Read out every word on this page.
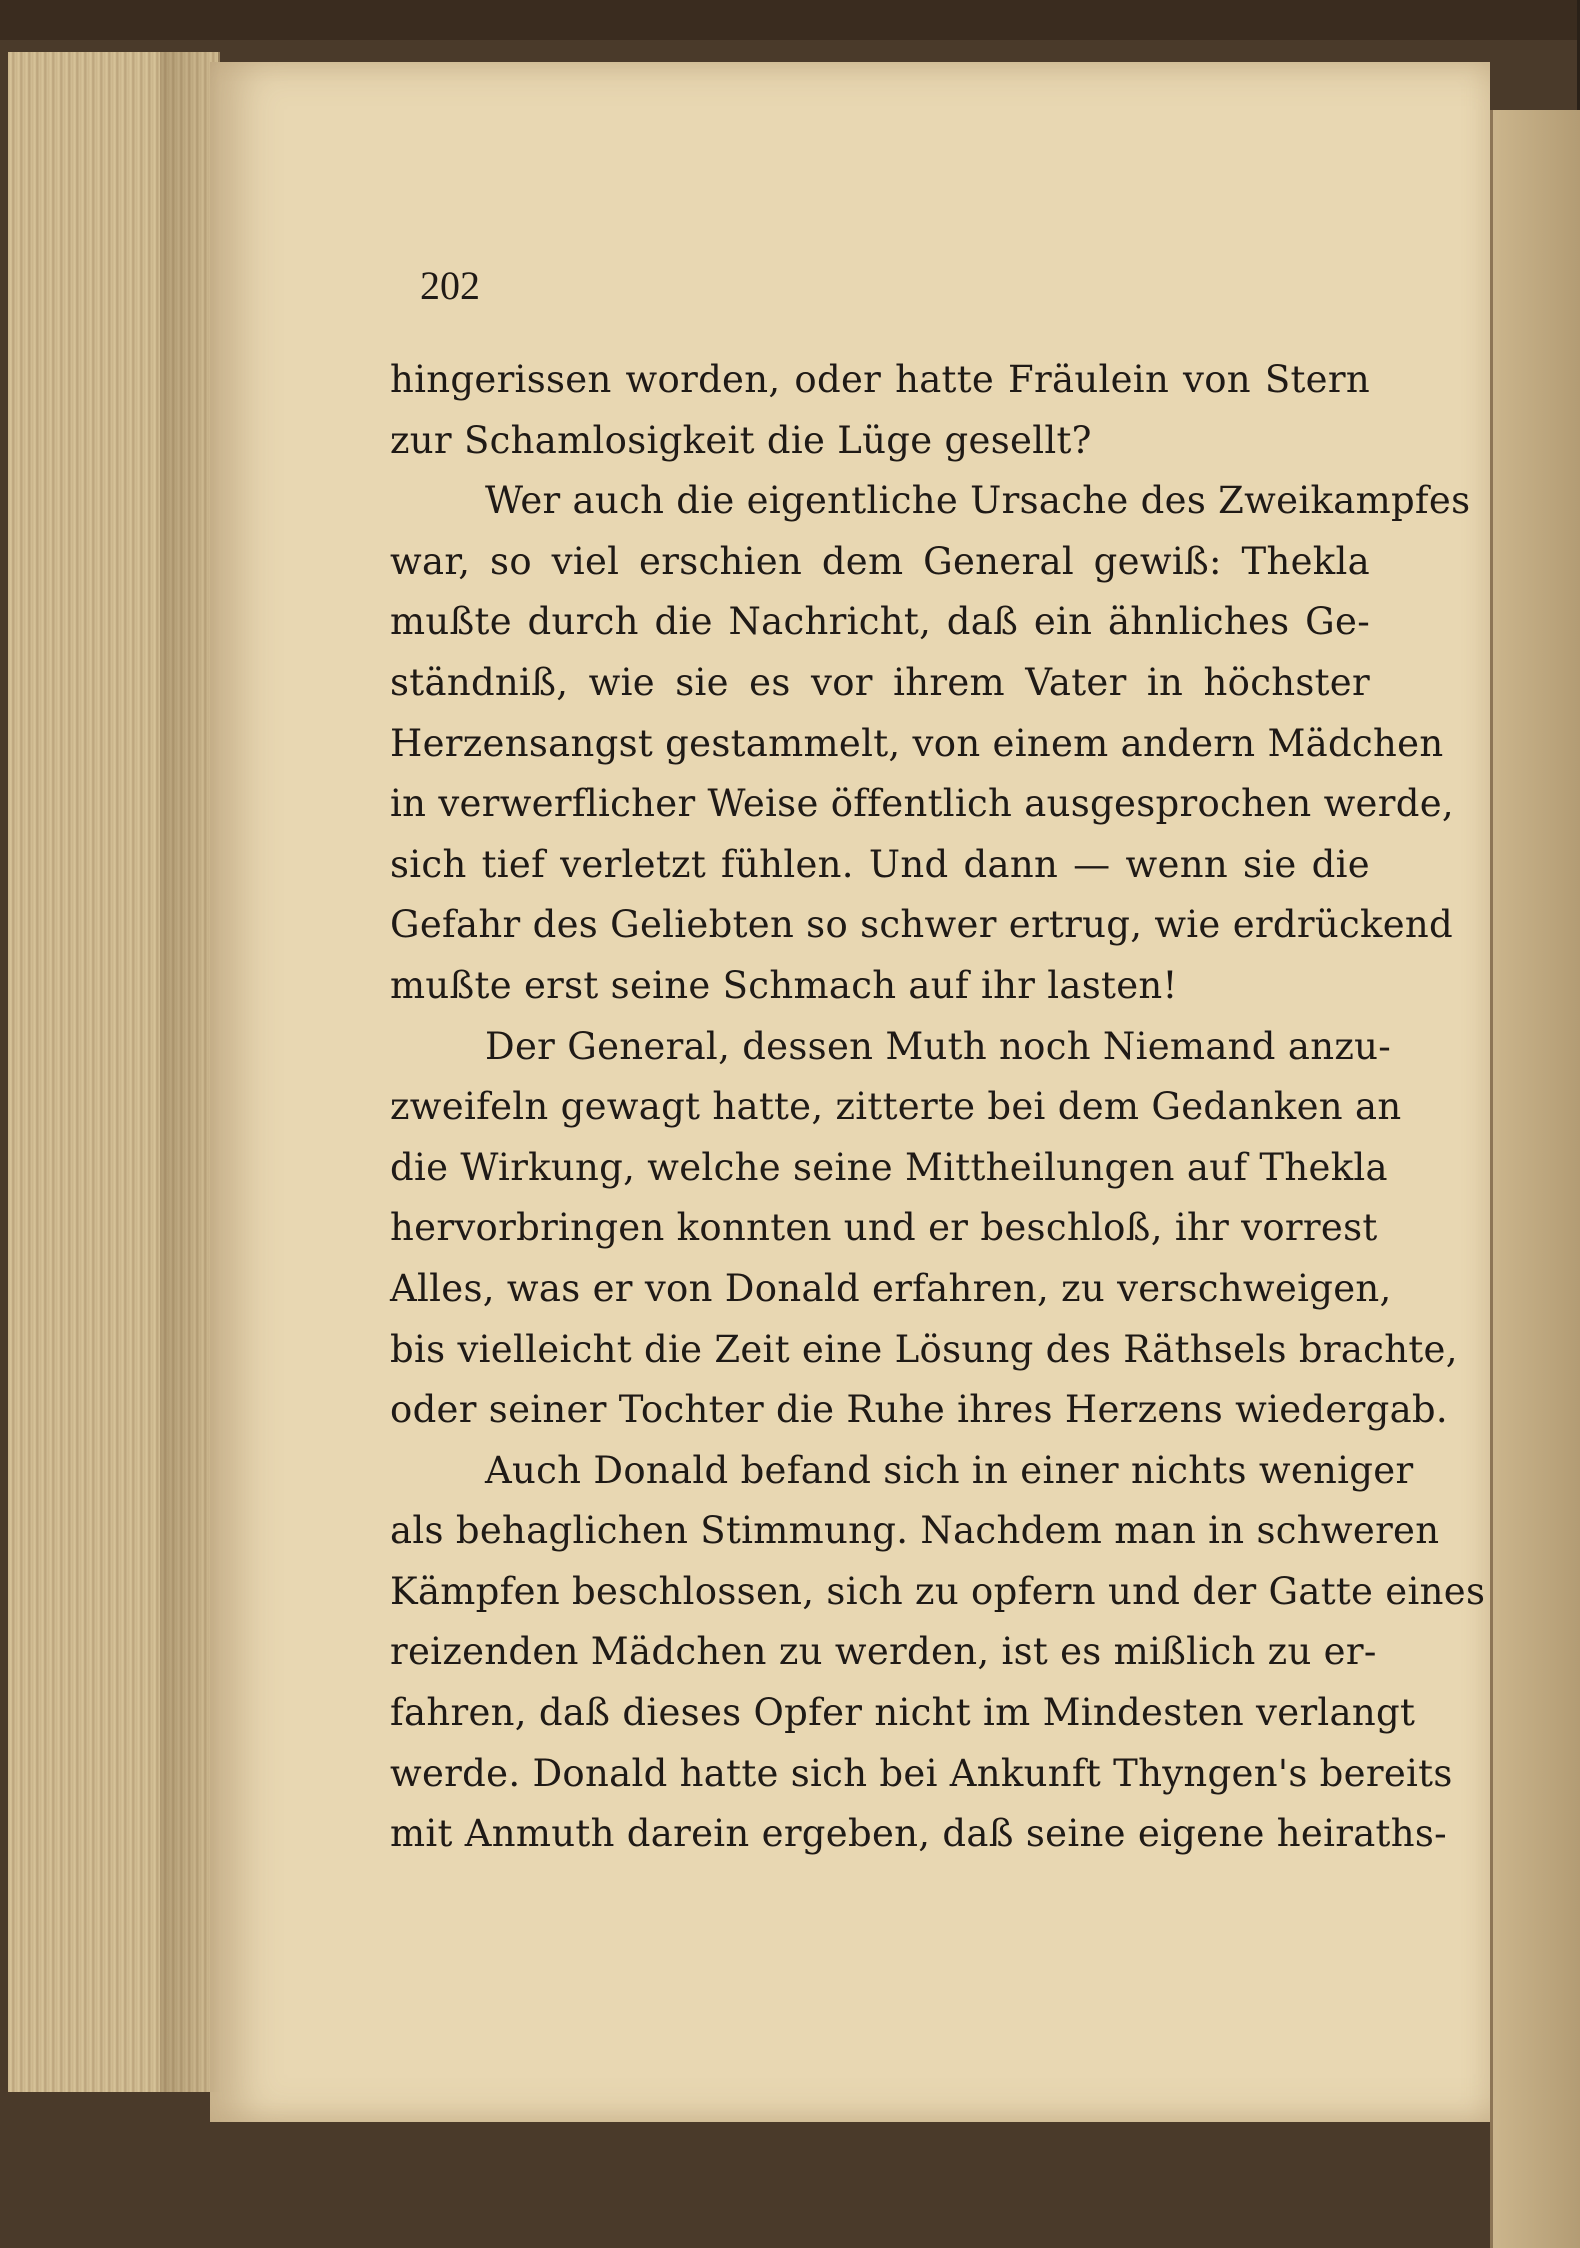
202
hingerissen worden, oder hatte Fräulein von Stern
zur Schamlosigkeit die Lüge gesellt?
Wer auch die eigentliche Ursache des Zweikampfes
war, so viel erschien dem General gewiß: Thekla
mußte durch die Nachricht, daß ein ähnliches Ge-
ständniß, wie sie es vor ihrem Vater in höchster
Herzensangst gestammelt, von einem andern Mädchen
in verwerflicher Weise öffentlich ausgesprochen werde,
sich tief verletzt fühlen. Und dann — wenn sie die
Gefahr des Geliebten so schwer ertrug, wie erdrückend
mußte erst seine Schmach auf ihr lasten!
Der General, dessen Muth noch Niemand anzu-
zweifeln gewagt hatte, zitterte bei dem Gedanken an
die Wirkung, welche seine Mittheilungen auf Thekla
hervorbringen konnten und er beschloß, ihr vorrest
Alles, was er von Donald erfahren, zu verschweigen,
bis vielleicht die Zeit eine Lösung des Räthsels brachte,
oder seiner Tochter die Ruhe ihres Herzens wiedergab.
Auch Donald befand sich in einer nichts weniger
als behaglichen Stimmung. Nachdem man in schweren
Kämpfen beschlossen, sich zu opfern und der Gatte eines
reizenden Mädchen zu werden, ist es mißlich zu er-
fahren, daß dieses Opfer nicht im Mindesten verlangt
werde. Donald hatte sich bei Ankunft Thyngen's bereits
mit Anmuth darein ergeben, daß seine eigene heiraths-
